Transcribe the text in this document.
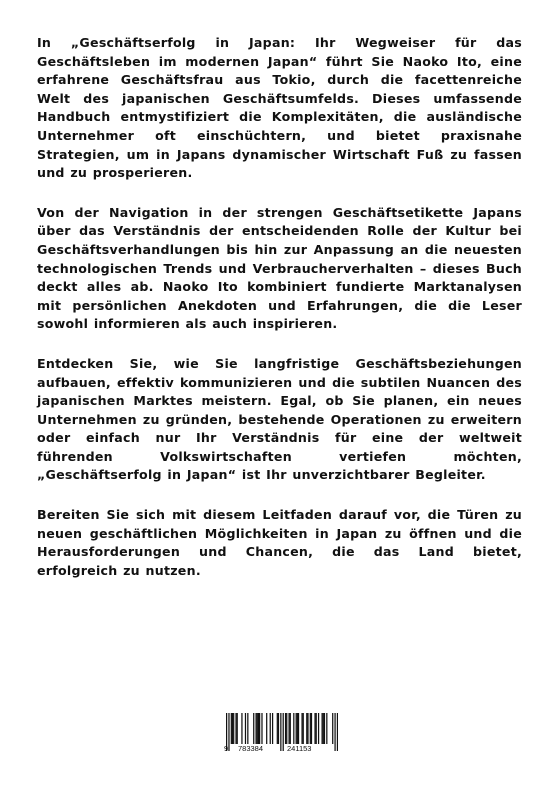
In „Geschäftserfolg in Japan: Ihr Wegweiser für das Geschäftsleben im modernen Japan“ führt Sie Naoko Ito, eine erfahrene Geschäftsfrau aus Tokio, durch die facettenreiche Welt des japanischen Geschäftsumfelds. Dieses umfassende Handbuch entmystifiziert die Komplexitäten, die ausländische Unternehmer oft einschüchtern, und bietet praxisnahe Strategien, um in Japans dynamischer Wirtschaft Fuß zu fassen und zu prosperieren.

Von der Navigation in der strengen Geschäftsetikette Japans über das Verständnis der entscheidenden Rolle der Kultur bei Geschäftsverhandlungen bis hin zur Anpassung an die neuesten technologischen Trends und Verbraucherverhalten – dieses Buch deckt alles ab. Naoko Ito kombiniert fundierte Marktanalysen mit persönlichen Anekdoten und Erfahrungen, die die Leser sowohl informieren als auch inspirieren.

Entdecken Sie, wie Sie langfristige Geschäftsbeziehungen aufbauen, effektiv kommunizieren und die subtilen Nuancen des japanischen Marktes meistern. Egal, ob Sie planen, ein neues Unternehmen zu gründen, bestehende Operationen zu erweitern oder einfach nur Ihr Verständnis für eine der weltweit führenden Volkswirtschaften vertiefen möchten, „Geschäftserfolg in Japan“ ist Ihr unverzichtbarer Begleiter.

Bereiten Sie sich mit diesem Leitfaden darauf vor, die Türen zu neuen geschäftlichen Möglichkeiten in Japan zu öffnen und die Herausforderungen und Chancen, die das Land bietet, erfolgreich zu nutzen.

9 783384	241153
